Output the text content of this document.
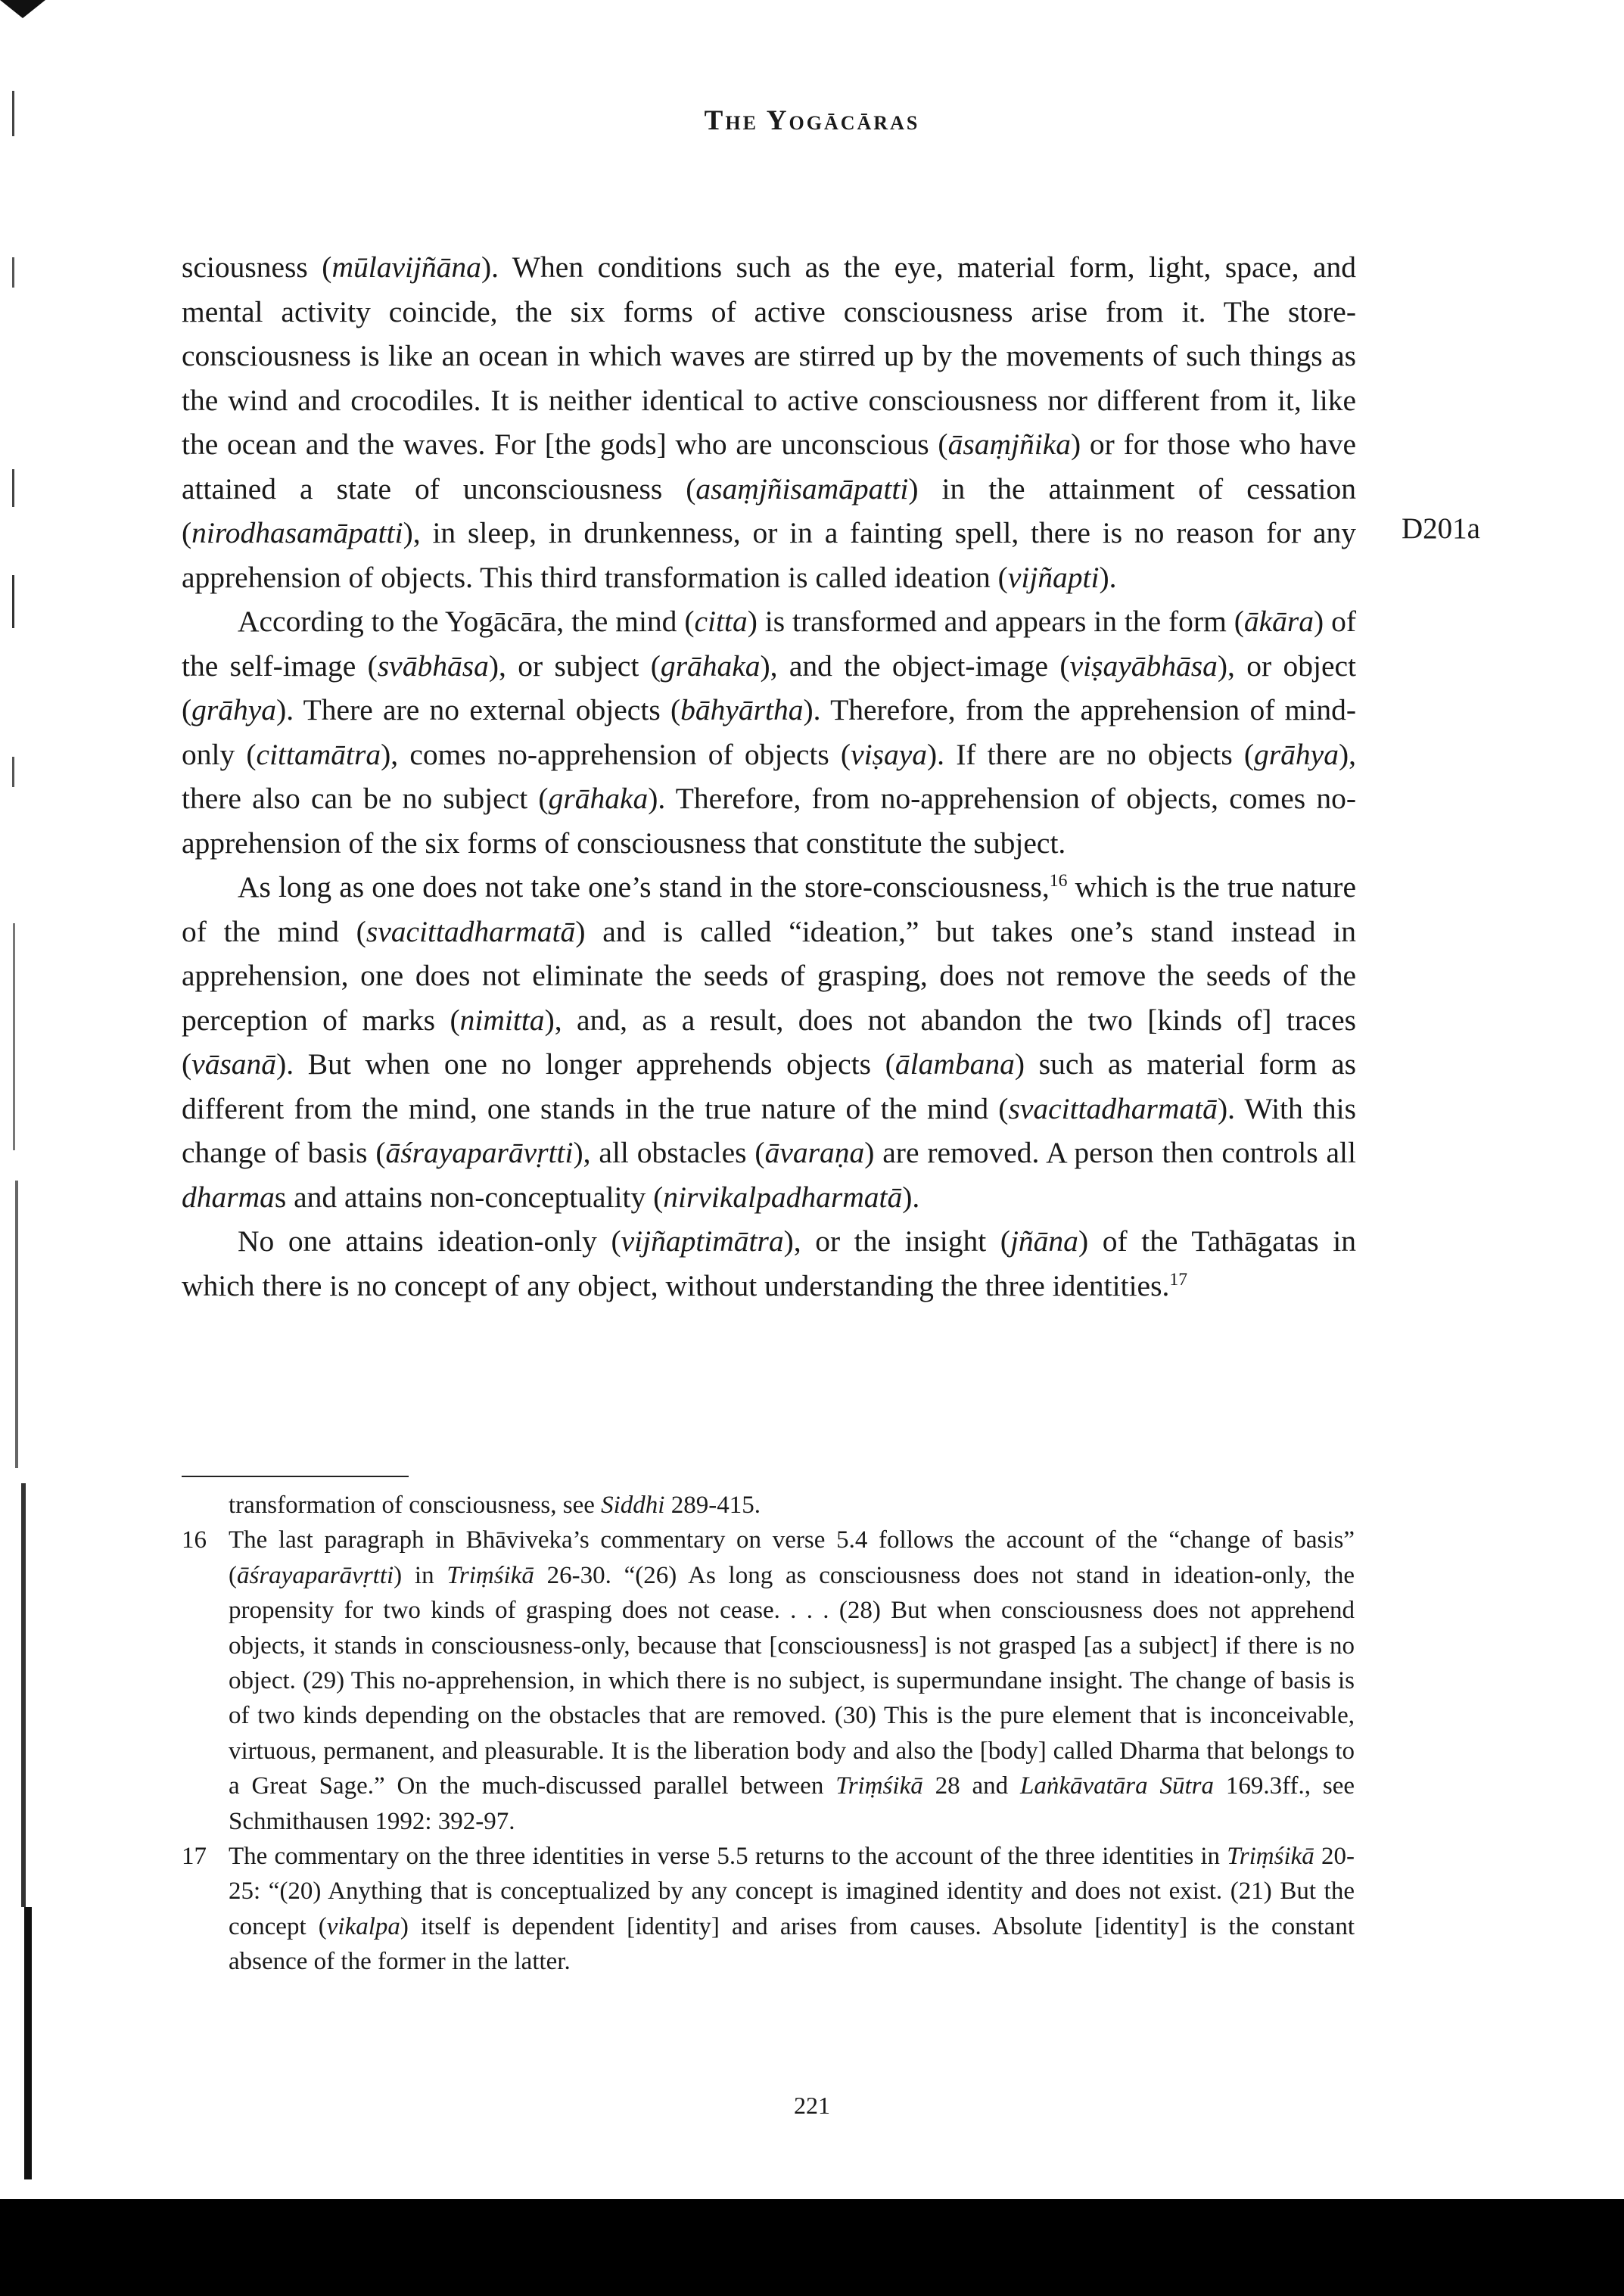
The Yogācāras
D201a

sciousness (mūlavijñāna). When conditions such as the eye, material form, light, space, and mental activity coincide, the six forms of active consciousness arise from it. The store-consciousness is like an ocean in which waves are stirred up by the movements of such things as the wind and crocodiles. It is neither identical to active consciousness nor different from it, like the ocean and the waves. For [the gods] who are unconscious (āsaṃjñika) or for those who have attained a state of unconsciousness (asaṃjñisamāpatti) in the attainment of cessation (nirodhasamāpatti), in sleep, in drunkenness, or in a fainting spell, there is no reason for any apprehension of objects. This third transformation is called ideation (vijñapti).

According to the Yogācāra, the mind (citta) is transformed and appears in the form (ākāra) of the self-image (svābhāsa), or subject (grāhaka), and the object-image (viṣayābhāsa), or object (grāhya). There are no external objects (bāhyārtha). Therefore, from the apprehension of mind-only (cittamātra), comes no-apprehension of objects (viṣaya). If there are no objects (grāhya), there also can be no subject (grāhaka). Therefore, from no-apprehension of objects, comes no-apprehension of the six forms of consciousness that constitute the subject.

As long as one does not take one’s stand in the store-consciousness,$^{16}$ which is the true nature of the mind (svacittadharmatā) and is called “ideation,” but takes one’s stand instead in apprehension, one does not eliminate the seeds of grasping, does not remove the seeds of the perception of marks (nimitta), and, as a result, does not abandon the two [kinds of] traces (vāsanā). But when one no longer apprehends objects (ālambana) such as material form as different from the mind, one stands in the true nature of the mind (svacittadharmatā). With this change of basis (āśrayaparāvṛtti), all obstacles (āvaraṇa) are removed. A person then controls all dharmas and attains non-conceptuality (nirvikalpadharmatā).

No one attains ideation-only (vijñaptimātra), or the insight (jñāna) of the Tathāgatas in which there is no concept of any object, without understanding the three identities.$^{17}$

transformation of consciousness, see Siddhi 289-415.

16 The last paragraph in Bhāviveka’s commentary on verse 5.4 follows the account of the “change of basis” (āśrayaparāvṛtti) in Triṃśikā 26-30. “(26) As long as consciousness does not stand in ideation-only, the propensity for two kinds of grasping does not cease. . . . (28) But when consciousness does not apprehend objects, it stands in consciousness-only, because that [consciousness] is not grasped [as a subject] if there is no object. (29) This no-apprehension, in which there is no subject, is supermundane insight. The change of basis is of two kinds depending on the obstacles that are removed. (30) This is the pure element that is inconceivable, virtuous, permanent, and pleasurable. It is the liberation body and also the [body] called Dharma that belongs to a Great Sage.” On the much-discussed parallel between Triṃśikā 28 and Laṅkāvatāra Sūtra 169.3ff., see Schmithausen 1992: 392-97.

17 The commentary on the three identities in verse 5.5 returns to the account of the three identities in Triṃśikā 20-25: “(20) Anything that is conceptualized by any concept is imagined identity and does not exist. (21) But the concept (vikalpa) itself is dependent [identity] and arises from causes. Absolute [identity] is the constant absence of the former in the latter.

221
